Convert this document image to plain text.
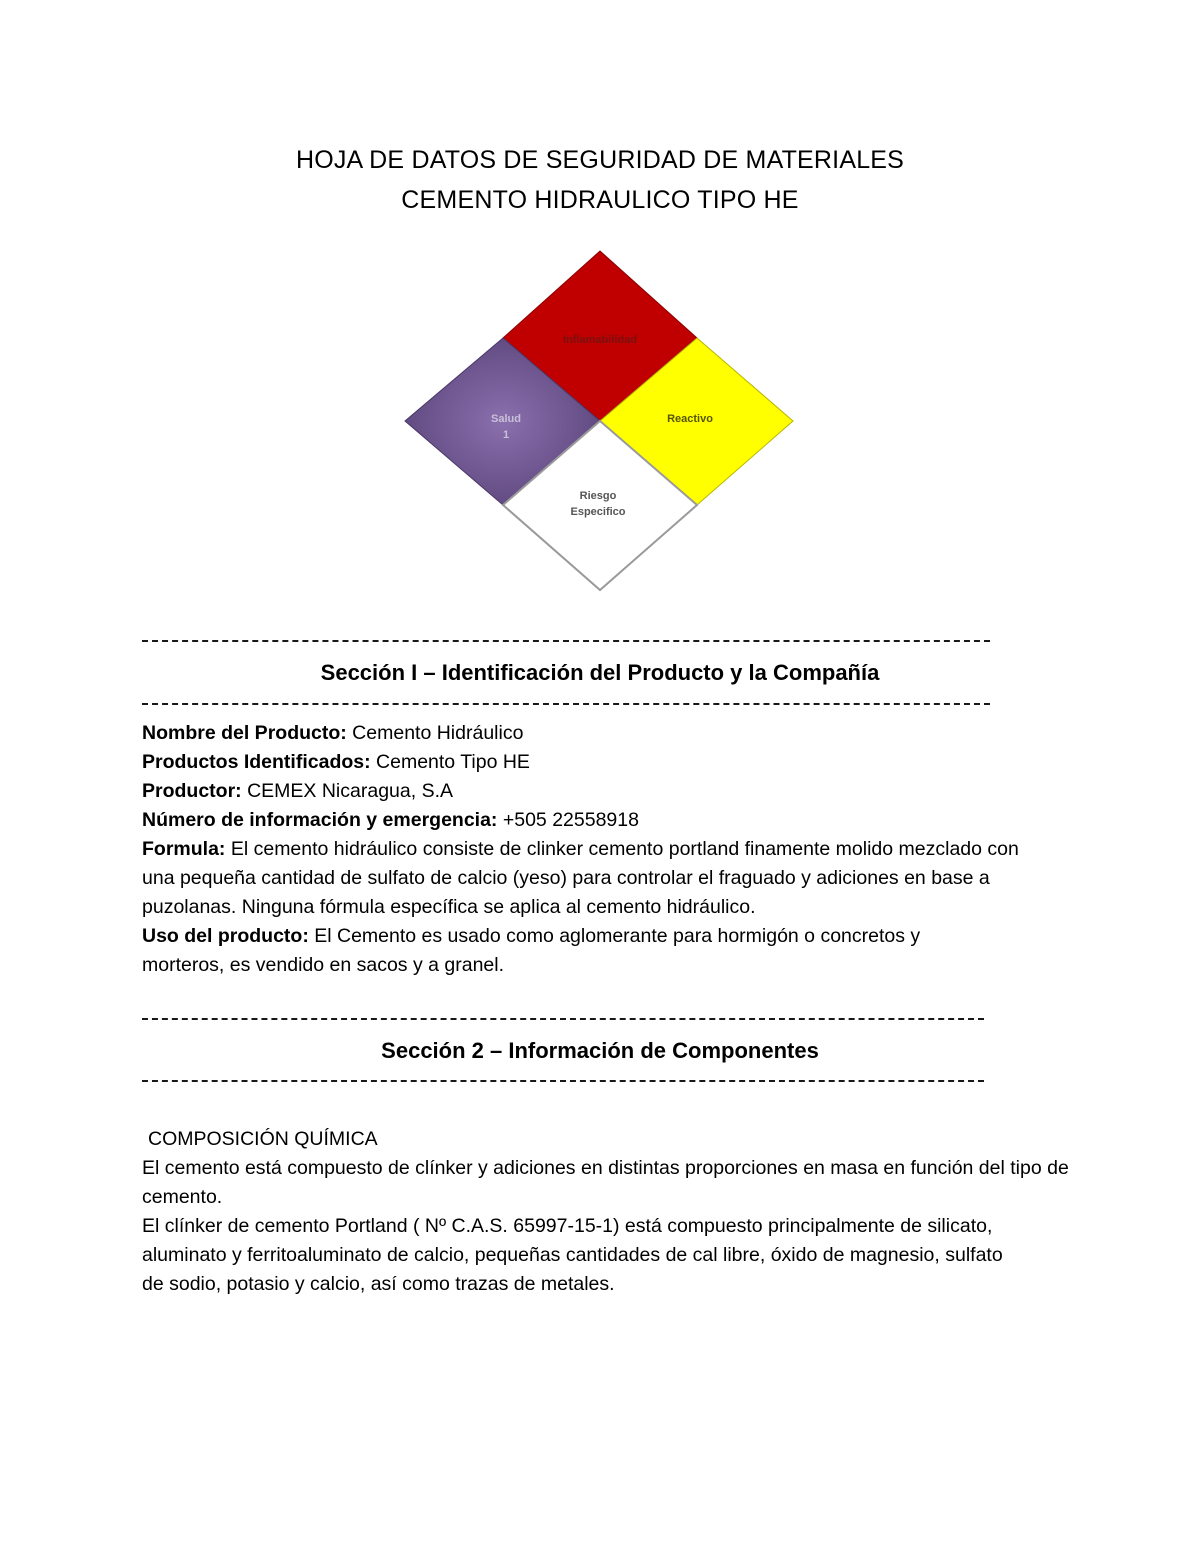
HOJA DE DATOS DE SEGURIDAD DE MATERIALES
CEMENTO HIDRAULICO TIPO HE
Inflamabilidad
Salud
1
Reactivo
Riesgo
Especifico
Sección I – Identificación del Producto y la Compañía

Nombre del Producto: Cemento Hidráulico

Productos Identificados: Cemento Tipo HE

Productor: CEMEX Nicaragua, S.A

Número de información y emergencia: +505 22558918

Formula: El cemento hidráulico consiste de clinker cemento portland finamente molido mezclado con una pequeña cantidad de sulfato de calcio (yeso) para controlar el fraguado y adiciones en base a puzolanas. Ninguna fórmula específica se aplica al cemento hidráulico.

Uso del producto: El Cemento es usado como aglomerante para hormigón o concretos y morteros, es vendido en sacos y a granel.

Sección 2 – Información de Componentes

COMPOSICIÓN QUÍMICA

El cemento está compuesto de clínker y adiciones en distintas proporciones en masa en función del tipo de cemento.

El clínker de cemento Portland ( Nº C.A.S. 65997-15-1) está compuesto principalmente de silicato, aluminato y ferritoaluminato de calcio, pequeñas cantidades de cal libre, óxido de magnesio, sulfato de sodio, potasio y calcio, así como trazas de metales.
